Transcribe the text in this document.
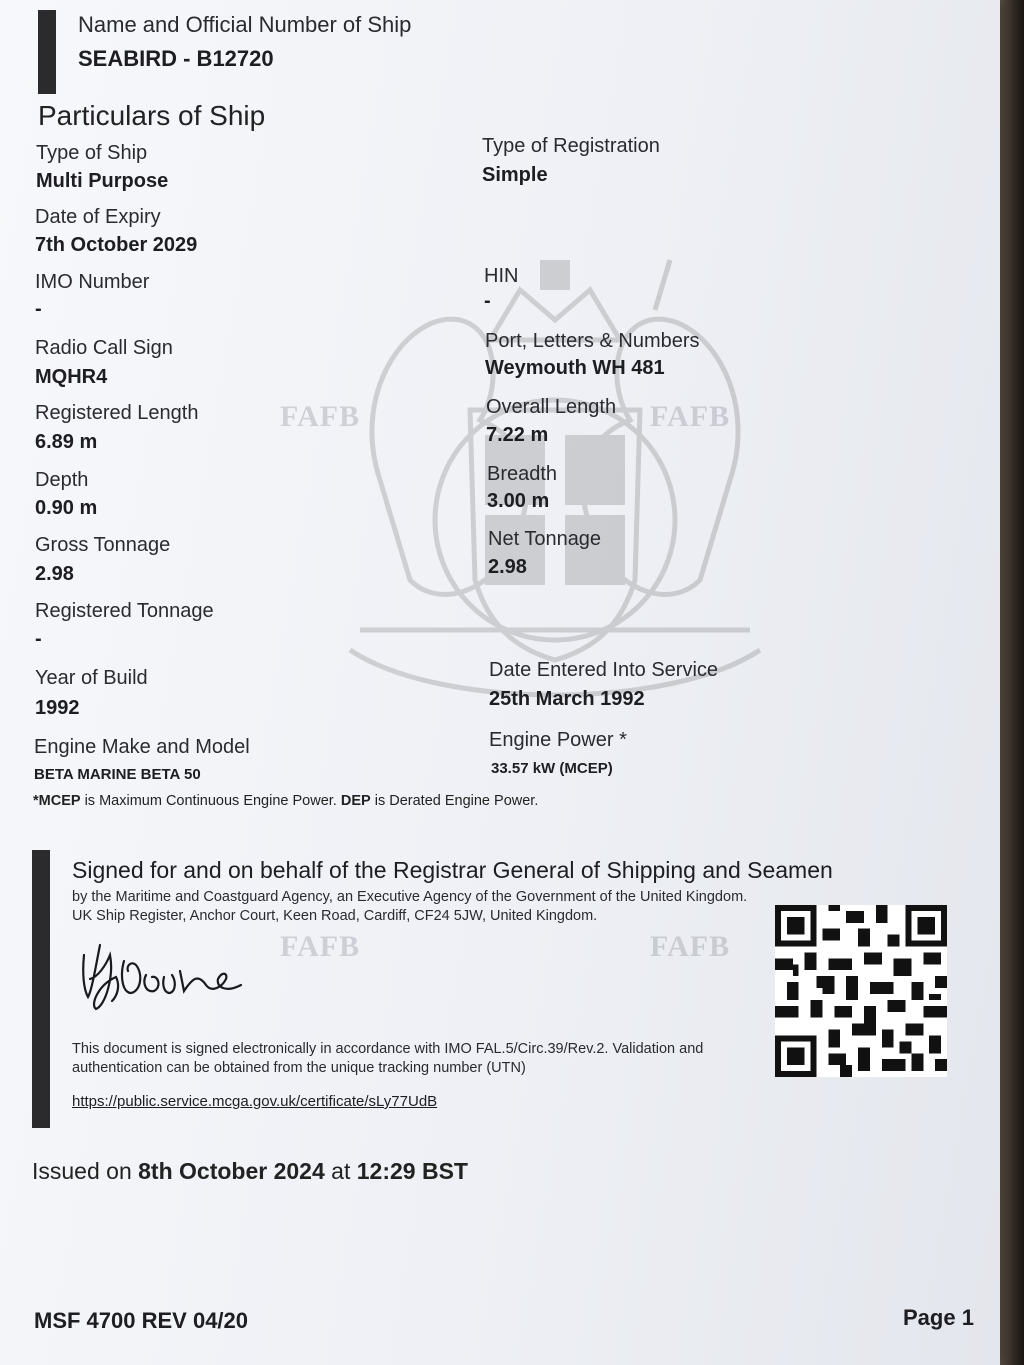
FAFB	FAFB
FAFB	FAFB
Name and Official Number of Ship
SEABIRD - B12720
Particulars of Ship
Type of Ship
Multi Purpose
Date of Expiry
7th October 2029
IMO Number
-
Radio Call Sign
MQHR4
Registered Length
6.89 m
Depth
0.90 m
Gross Tonnage
2.98
Registered Tonnage
-
Year of Build
1992
Engine Make and Model
BETA MARINE BETA 50
Type of Registration
Simple
HIN
-
Port, Letters & Numbers
Weymouth WH 481
Overall Length
7.22 m
Breadth
3.00 m
Net Tonnage
2.98
Date Entered Into Service
25th March 1992
Engine Power *
33.57 kW (MCEP)
*MCEP is Maximum Continuous Engine Power. DEP is Derated Engine Power.
Signed for and on behalf of the Registrar General of Shipping and Seamen
by the Maritime and Coastguard Agency, an Executive Agency of the Government of the United Kingdom. UK Ship Register, Anchor Court, Keen Road, Cardiff, CF24 5JW, United Kingdom.
This document is signed electronically in accordance with IMO FAL.5/Circ.39/Rev.2. Validation and authentication can be obtained from the unique tracking number (UTN)
https://public.service.mcga.gov.uk/certificate/sLy77UdB
Issued on 8th October 2024 at 12:29 BST
MSF 4700 REV 04/20	Page 1
